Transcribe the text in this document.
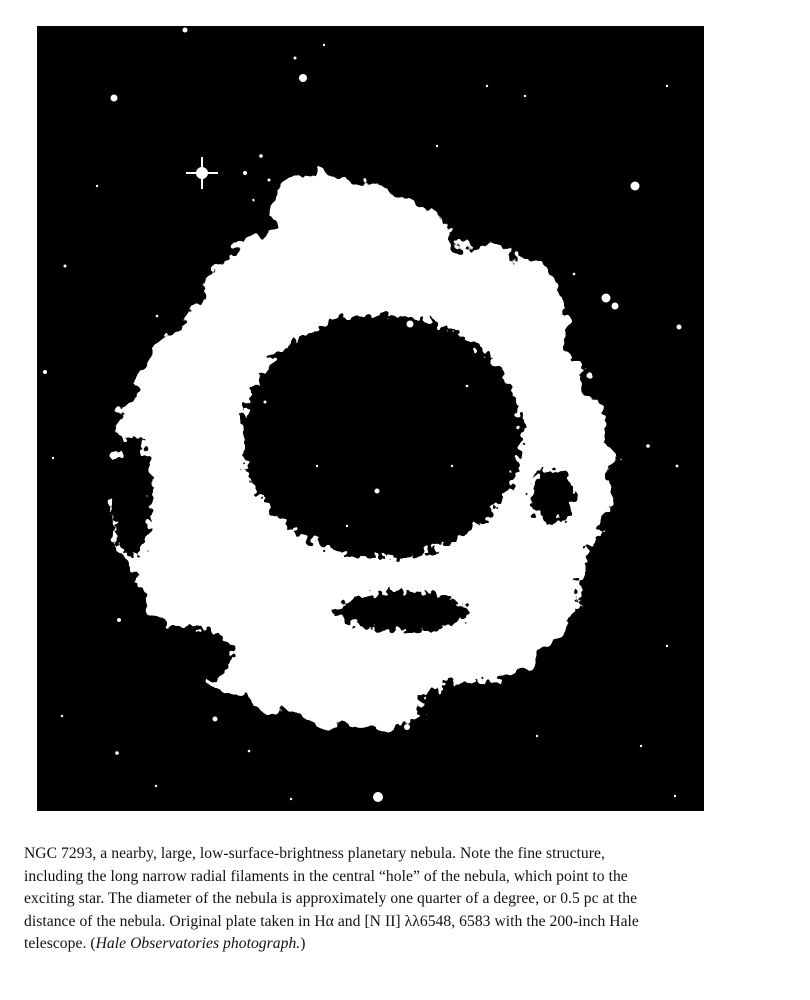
NGC 7293, a nearby, large, low-surface-brightness planetary nebula. Note the fine structure,
including the long narrow radial filaments in the central “hole” of the nebula, which point to the
exciting star. The diameter of the nebula is approximately one quarter of a degree, or 0.5 pc at the
distance of the nebula. Original plate taken in Hα and [N II] λλ6548, 6583 with the 200-inch Hale
telescope. (Hale Observatories photograph.)
